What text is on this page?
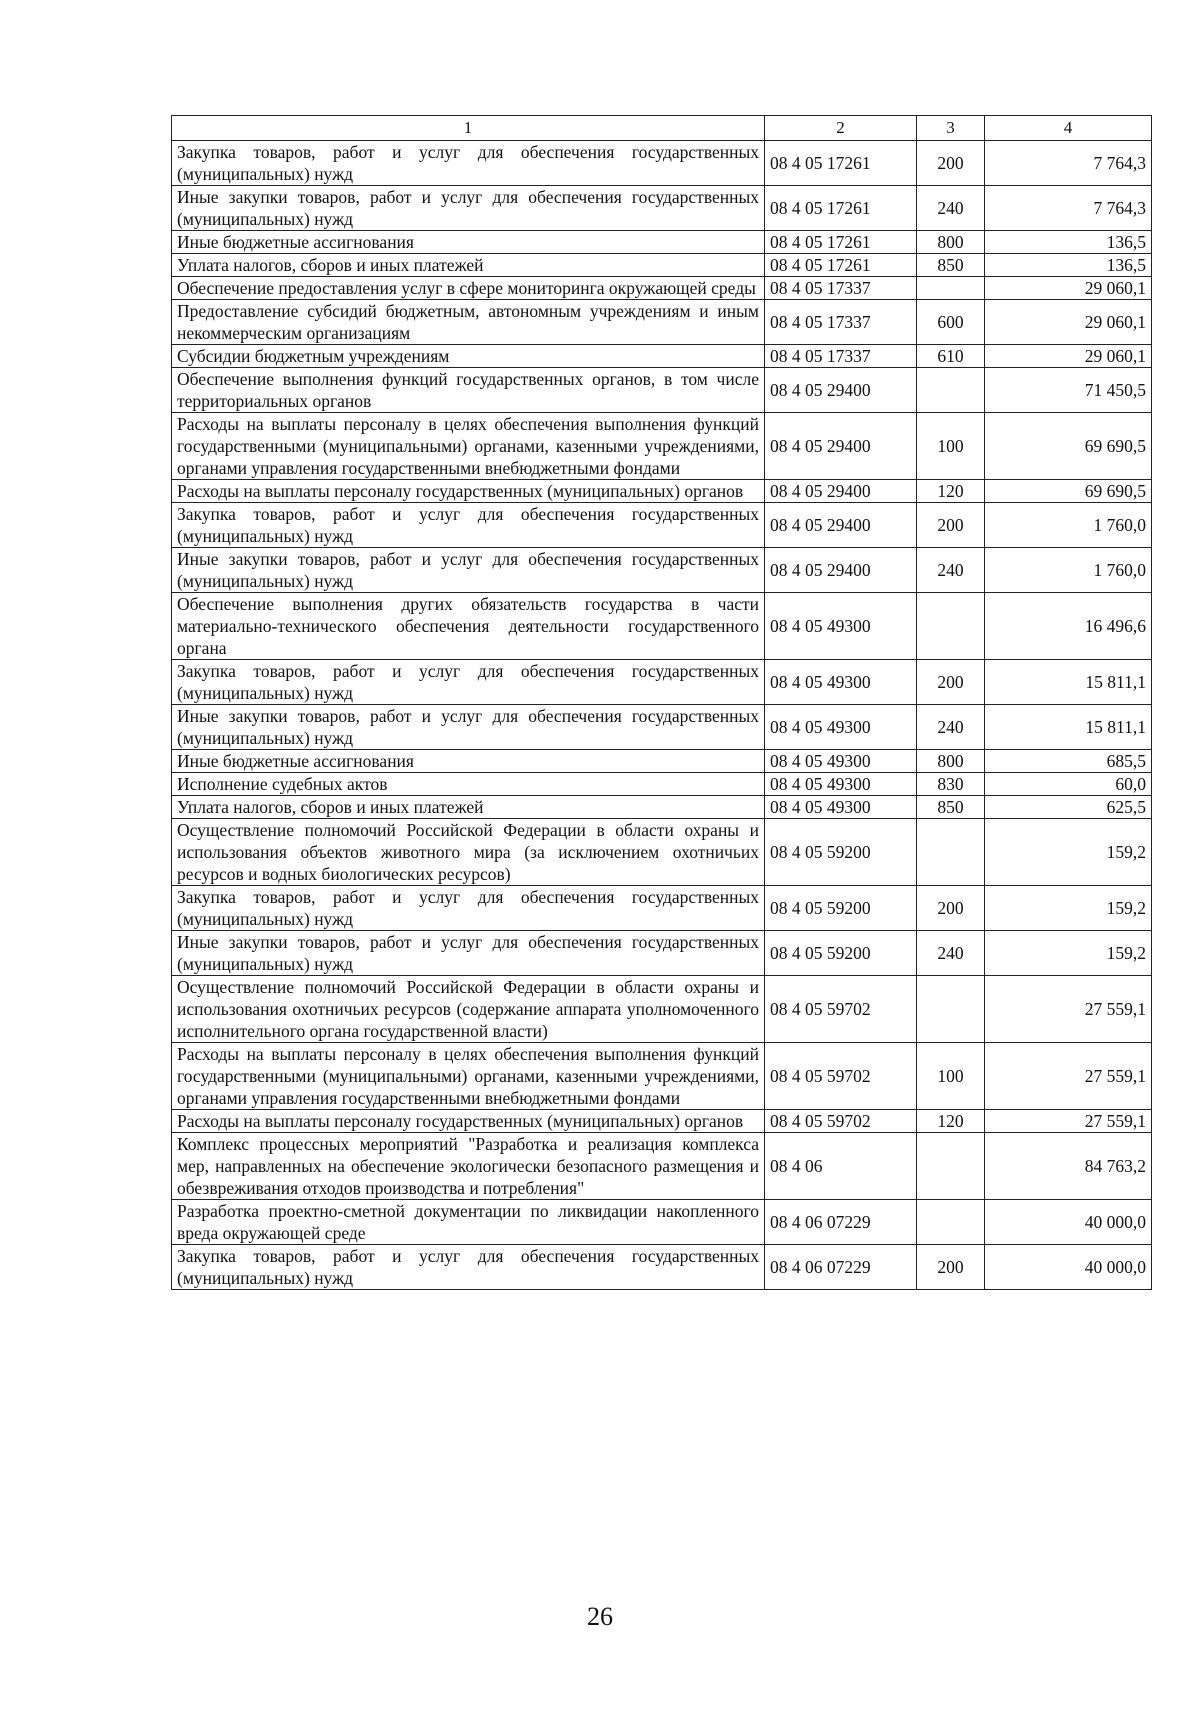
1	2	3	4
Закупка товаров, работ и услуг для обеспечения государственных (муниципальных) нужд	08 4 05 17261	200	7 764,3
Иные закупки товаров, работ и услуг для обеспечения государственных (муниципальных) нужд	08 4 05 17261	240	7 764,3
Иные бюджетные ассигнования	08 4 05 17261	800	136,5
Уплата налогов, сборов и иных платежей	08 4 05 17261	850	136,5
Обеспечение предоставления услуг в сфере мониторинга окружающей среды	08 4 05 17337		29 060,1
Предоставление субсидий бюджетным, автономным учреждениям и иным некоммерческим организациям	08 4 05 17337	600	29 060,1
Субсидии бюджетным учреждениям	08 4 05 17337	610	29 060,1
Обеспечение выполнения функций государственных органов, в том числе территориальных органов	08 4 05 29400		71 450,5
Расходы на выплаты персоналу в целях обеспечения выполнения функций государственными (муниципальными) органами, казенными учреждениями, органами управления государственными внебюджетными фондами	08 4 05 29400	100	69 690,5
Расходы на выплаты персоналу государственных (муниципальных) органов	08 4 05 29400	120	69 690,5
Закупка товаров, работ и услуг для обеспечения государственных (муниципальных) нужд	08 4 05 29400	200	1 760,0
Иные закупки товаров, работ и услуг для обеспечения государственных (муниципальных) нужд	08 4 05 29400	240	1 760,0
Обеспечение выполнения других обязательств государства в части материально-технического обеспечения деятельности государственного органа	08 4 05 49300		16 496,6
Закупка товаров, работ и услуг для обеспечения государственных (муниципальных) нужд	08 4 05 49300	200	15 811,1
Иные закупки товаров, работ и услуг для обеспечения государственных (муниципальных) нужд	08 4 05 49300	240	15 811,1
Иные бюджетные ассигнования	08 4 05 49300	800	685,5
Исполнение судебных актов	08 4 05 49300	830	60,0
Уплата налогов, сборов и иных платежей	08 4 05 49300	850	625,5
Осуществление полномочий Российской Федерации в области охраны и использования объектов животного мира (за исключением охотничьих ресурсов и водных биологических ресурсов)	08 4 05 59200		159,2
Закупка товаров, работ и услуг для обеспечения государственных (муниципальных) нужд	08 4 05 59200	200	159,2
Иные закупки товаров, работ и услуг для обеспечения государственных (муниципальных) нужд	08 4 05 59200	240	159,2
Осуществление полномочий Российской Федерации в области охраны и использования охотничьих ресурсов (содержание аппарата уполномоченного исполнительного органа государственной власти)	08 4 05 59702		27 559,1
Расходы на выплаты персоналу в целях обеспечения выполнения функций государственными (муниципальными) органами, казенными учреждениями, органами управления государственными внебюджетными фондами	08 4 05 59702	100	27 559,1
Расходы на выплаты персоналу государственных (муниципальных) органов	08 4 05 59702	120	27 559,1
Комплекс процессных мероприятий "Разработка и реализация комплекса мер, направленных на обеспечение экологически безопасного размещения и обезвреживания отходов производства и потребления"	08 4 06		84 763,2
Разработка проектно-сметной документации по ликвидации накопленного вреда окружающей среде	08 4 06 07229		40 000,0
Закупка товаров, работ и услуг для обеспечения государственных (муниципальных) нужд	08 4 06 07229	200	40 000,0
26
